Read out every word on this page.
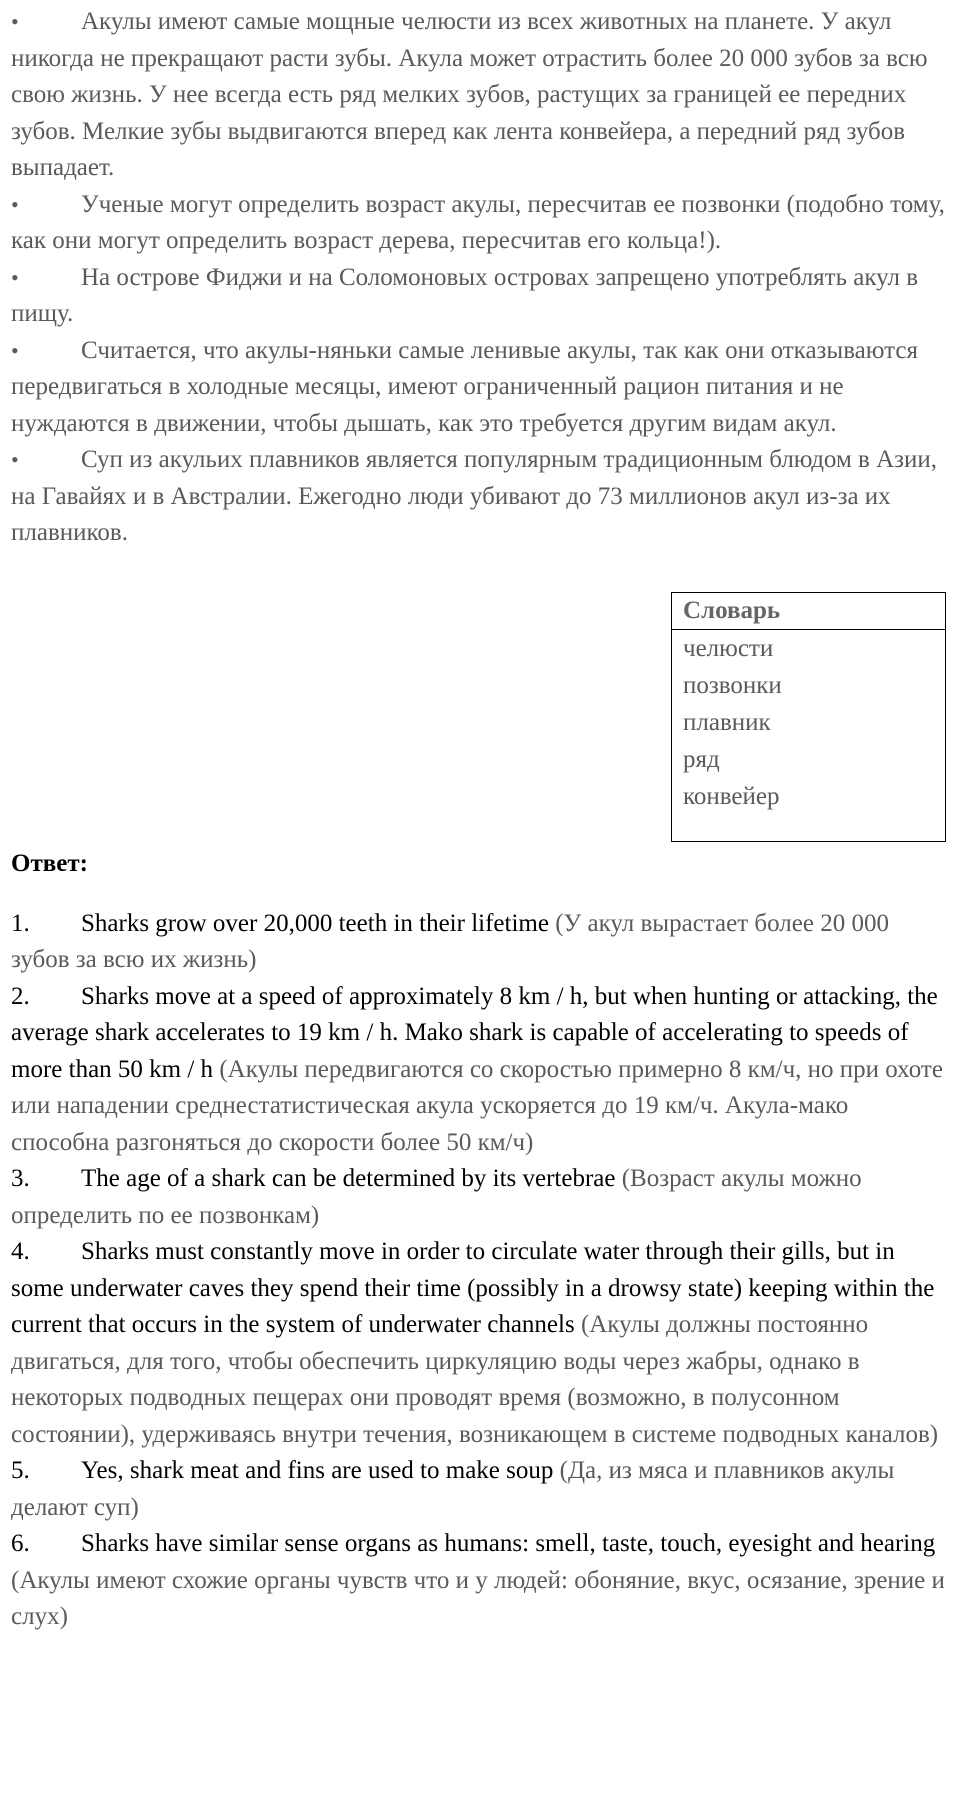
• Акулы имеют самые мощные челюсти из всех животных на планете. У акул никогда не прекращают расти зубы. Акула может отрастить более 20 000 зубов за всю свою жизнь. У нее всегда есть ряд мелких зубов, растущих за границей ее передних зубов. Мелкие зубы выдвигаются вперед как лента конвейера, а передний ряд зубов выпадает.

• Ученые могут определить возраст акулы, пересчитав ее позвонки (подобно тому, как они могут определить возраст дерева, пересчитав его кольца!).

• На острове Фиджи и на Соломоновых островах запрещено употреблять акул в пищу.

• Считается, что акулы-няньки самые ленивые акулы, так как они отказываются передвигаться в холодные месяцы, имеют ограниченный рацион питания и не нуждаются в движении, чтобы дышать, как это требуется другим видам акул.

• Суп из акульих плавников является популярным традиционным блюдом в Азии, на Гавайях и в Австралии. Ежегодно люди убивают до 73 миллионов акул из-за их плавников.

Словарь
челюсти
позвонки
плавник
ряд
конвейер
Ответ:

1. Sharks grow over 20,000 teeth in their lifetime (У акул вырастает более 20 000 зубов за всю их жизнь)

2. Sharks move at a speed of approximately 8 km / h, but when hunting or attacking, the average shark accelerates to 19 km / h. Mako shark is capable of accelerating to speeds of more than 50 km / h (Акулы передвигаются со скоростью примерно 8 км/ч, но при охоте или нападении среднестатистическая акула ускоряется до 19 км/ч. Акула-мако способна разгоняться до скорости более 50 км/ч)

3. The age of a shark can be determined by its vertebrae (Возраст акулы можно определить по ее позвонкам)

4. Sharks must constantly move in order to circulate water through their gills, but in some underwater caves they spend their time (possibly in a drowsy state) keeping within the current that occurs in the system of underwater channels (Акулы должны постоянно двигаться, для того, чтобы обеспечить циркуляцию воды через жабры, однако в некоторых подводных пещерах они проводят время (возможно, в полусонном состоянии), удерживаясь внутри течения, возникающем в системе подводных каналов)

5. Yes, shark meat and fins are used to make soup (Да, из мяса и плавников акулы делают суп)

6. Sharks have similar sense organs as humans: smell, taste, touch, eyesight and hearing (Акулы имеют схожие органы чувств что и у людей: обоняние, вкус, осязание, зрение и слух)
